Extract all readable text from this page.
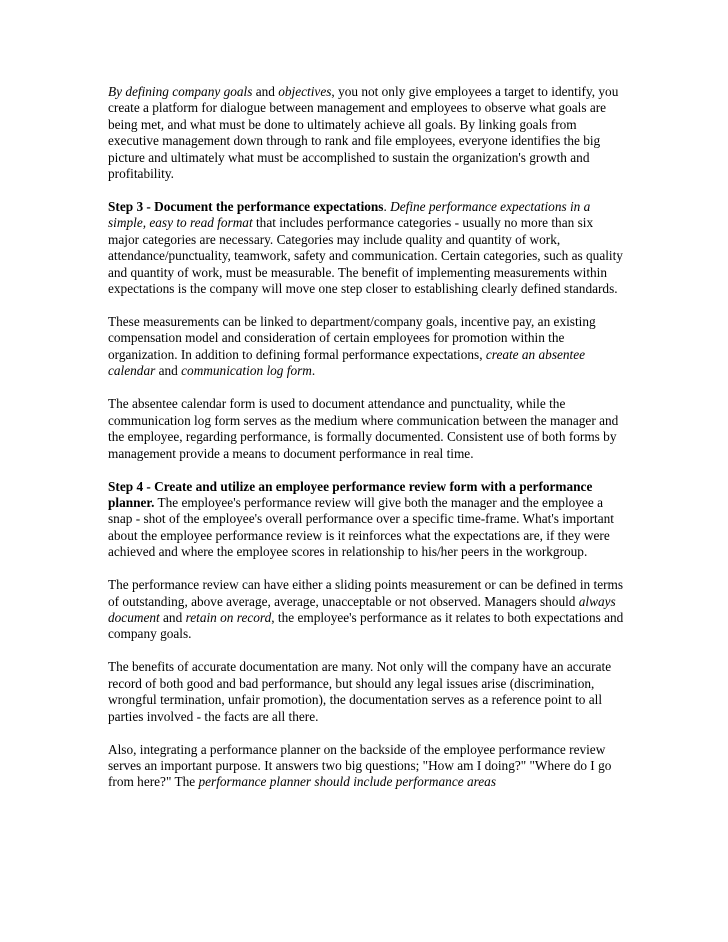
By defining company goals and objectives, you not only give employees a target to identify, you create a platform for dialogue between management and employees to observe what goals are being met, and what must be done to ultimately achieve all goals. By linking goals from executive management down through to rank and file employees, everyone identifies the big picture and ultimately what must be accomplished to sustain the organization's growth and profitability.

Step 3 - Document the performance expectations. Define performance expectations in a simple, easy to read format that includes performance categories - usually no more than six major categories are necessary. Categories may include quality and quantity of work, attendance/punctuality, teamwork, safety and communication. Certain categories, such as quality and quantity of work, must be measurable. The benefit of implementing measurements within expectations is the company will move one step closer to establishing clearly defined standards.

These measurements can be linked to department/company goals, incentive pay, an existing compensation model and consideration of certain employees for promotion within the organization. In addition to defining formal performance expectations, create an absentee calendar and communication log form.

The absentee calendar form is used to document attendance and punctuality, while the communication log form serves as the medium where communication between the manager and the employee, regarding performance, is formally documented. Consistent use of both forms by management provide a means to document performance in real time.

Step 4 - Create and utilize an employee performance review form with a performance planner. The employee's performance review will give both the manager and the employee a snap - shot of the employee's overall performance over a specific time-frame. What's important about the employee performance review is it reinforces what the expectations are, if they were achieved and where the employee scores in relationship to his/her peers in the workgroup.

The performance review can have either a sliding points measurement or can be defined in terms of outstanding, above average, average, unacceptable or not observed. Managers should always document and retain on record, the employee's performance as it relates to both expectations and company goals.

The benefits of accurate documentation are many. Not only will the company have an accurate record of both good and bad performance, but should any legal issues arise (discrimination, wrongful termination, unfair promotion), the documentation serves as a reference point to all parties involved - the facts are all there.

Also, integrating a performance planner on the backside of the employee performance review serves an important purpose. It answers two big questions; "How am I doing?" "Where do I go from here?" The performance planner should include performance areas
